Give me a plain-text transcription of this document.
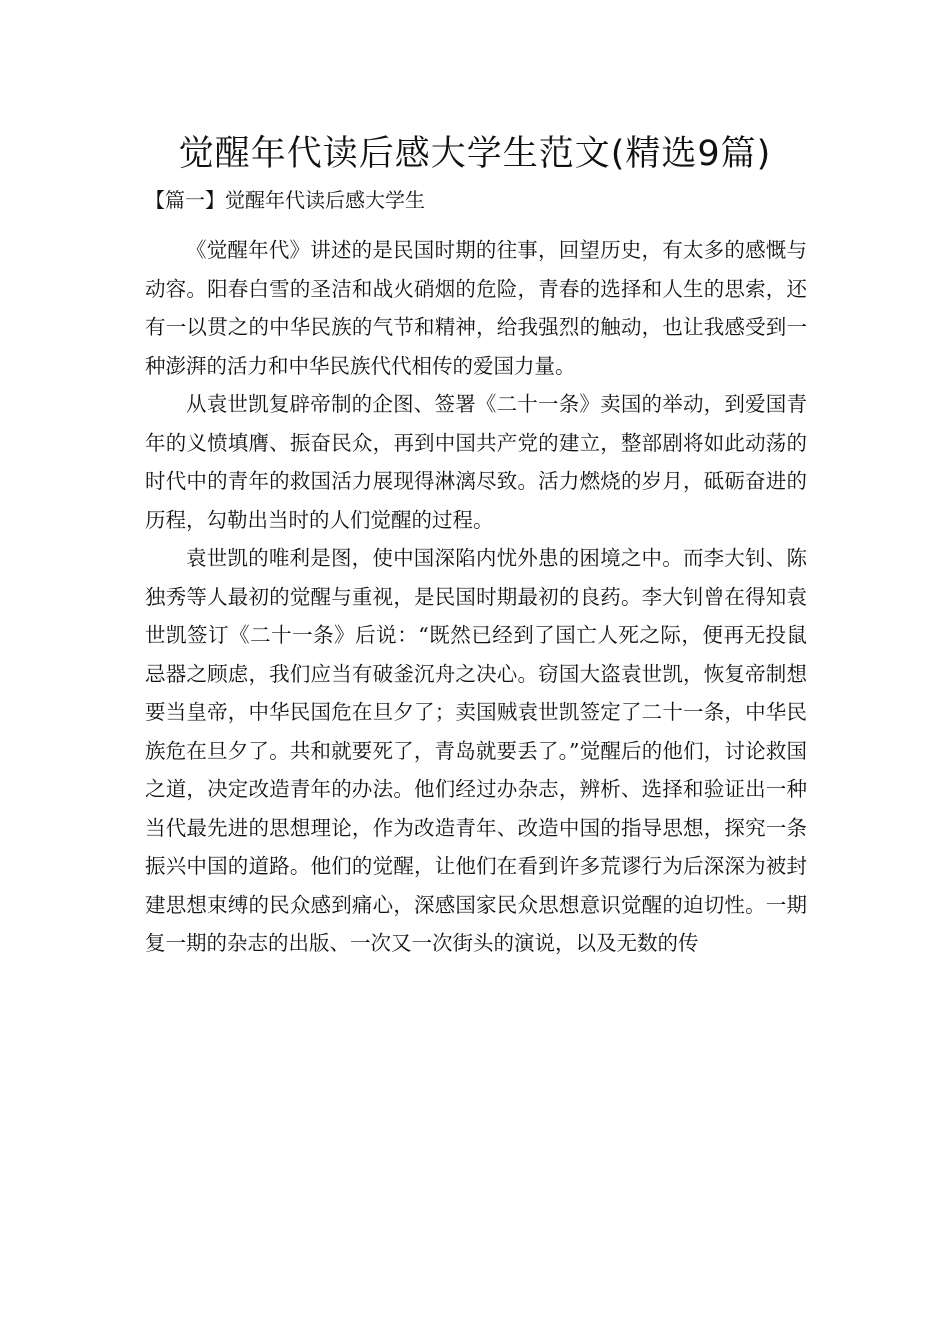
觉醒年代读后感大学生范文(精选9篇)
【篇一】觉醒年代读后感大学生

《觉醒年代》讲述的是民国时期的往事，回望历史，有太多的感慨与动容。阳春白雪的圣洁和战火硝烟的危险，青春的选择和人生的思索，还有一以贯之的中华民族的气节和精神，给我强烈的触动，也让我感受到一种澎湃的活力和中华民族代代相传的爱国力量。

从袁世凯复辟帝制的企图、签署《二十一条》卖国的举动，到爱国青年的义愤填膺、振奋民众，再到中国共产党的建立，整部剧将如此动荡的时代中的青年的救国活力展现得淋漓尽致。活力燃烧的岁月，砥砺奋进的历程，勾勒出当时的人们觉醒的过程。

袁世凯的唯利是图，使中国深陷内忧外患的困境之中。而李大钊、陈独秀等人最初的觉醒与重视，是民国时期最初的良药。李大钊曾在得知袁世凯签订《二十一条》后说：“既然已经到了国亡人死之际，便再无投鼠忌器之顾虑，我们应当有破釜沉舟之决心。窃国大盗袁世凯，恢复帝制想要当皇帝，中华民国危在旦夕了；卖国贼袁世凯签定了二十一条，中华民族危在旦夕了。共和就要死了，青岛就要丢了。”觉醒后的他们，讨论救国之道，决定改造青年的办法。他们经过办杂志，辨析、选择和验证出一种当代最先进的思想理论，作为改造青年、改造中国的指导思想，探究一条振兴中国的道路。他们的觉醒，让他们在看到许多荒谬行为后深深为被封建思想束缚的民众感到痛心，深感国家民众思想意识觉醒的迫切性。一期复一期的杂志的出版、一次又一次街头的演说，以及无数的传
